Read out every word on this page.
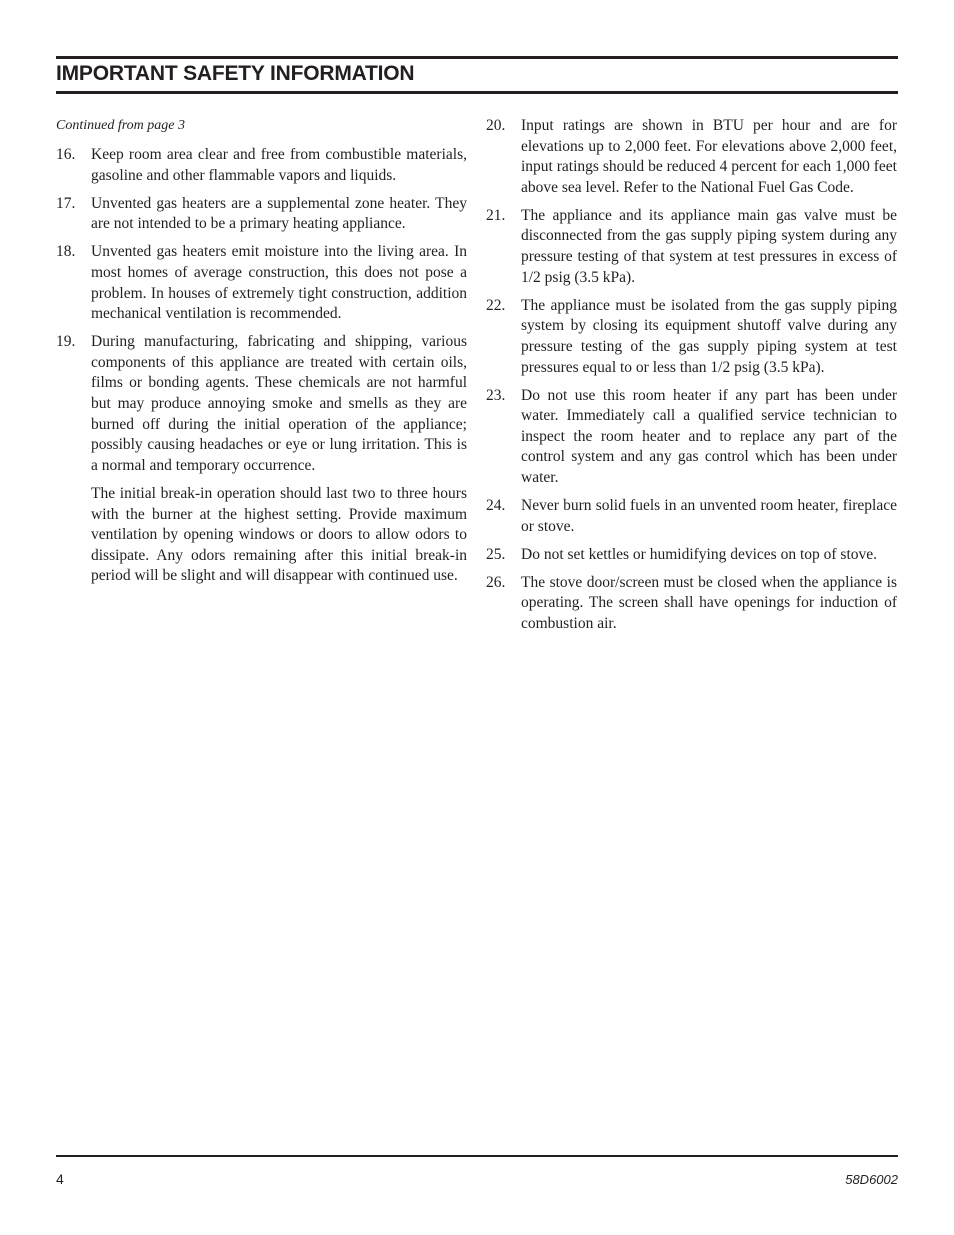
IMPORTANT SAFETY INFORMATION
Continued from page 3
16.	Keep room area clear and free from combustible materials, gasoline and other flammable vapors and liquids.
17.	Unvented gas heaters are a supplemental zone heater. They are not intended to be a primary heating appliance.
18.	Unvented gas heaters emit moisture into the living area. In most homes of average construction, this does not pose a problem. In houses of extremely tight construction, addition mechanical ventilation is recommended.
19.	During manufacturing, fabricating and shipping, various components of this appliance are treated with certain oils, films or bonding agents. These chemicals are not harmful but may produce annoying smoke and smells as they are burned off during the initial operation of the appliance; possibly causing headaches or eye or lung irritation. This is a normal and temporary occurrence.
The initial break-in operation should last two to three hours with the burner at the highest setting. Provide maximum ventilation by opening windows or doors to allow odors to dissipate. Any odors remaining after this initial break-in period will be slight and will disappear with continued use.
20.	Input ratings are shown in BTU per hour and are for elevations up to 2,000 feet. For elevations above 2,000 feet, input ratings should be reduced 4 percent for each 1,000 feet above sea level. Refer to the National Fuel Gas Code.
21.	The appliance and its appliance main gas valve must be disconnected from the gas supply piping system during any pressure testing of that system at test pressures in excess of 1/2 psig (3.5 kPa).
22.	The appliance must be isolated from the gas supply piping system by closing its equipment shutoff valve during any pressure testing of the gas supply piping system at test pressures equal to or less than 1/2 psig (3.5 kPa).
23.	Do not use this room heater if any part has been under water. Immediately call a qualified service technician to inspect the room heater and to replace any part of the control system and any gas control which has been under water.
24.	Never burn solid fuels in an unvented room heater, fireplace or stove.
25.	Do not set kettles or humidifying devices on top of stove.
26.	The stove door/screen must be closed when the appliance is operating. The screen shall have openings for induction of combustion air.
4	58D6002
